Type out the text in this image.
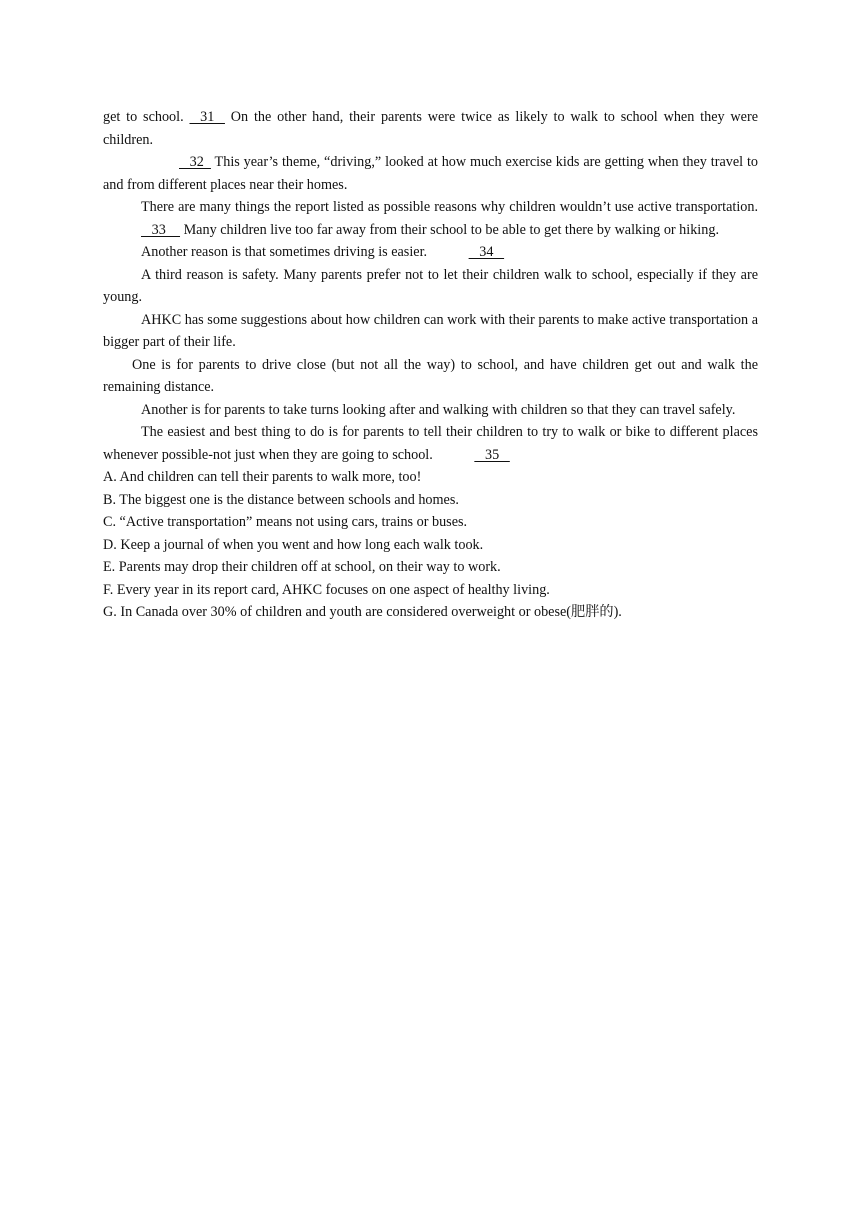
get to school.    31    On the other hand, their parents were twice as likely to walk to school when they were children.

32   This year’s theme, “driving,” looked at how much exercise kids are getting when they travel to and from different places near their homes.

There are many things the report listed as possible reasons why children wouldn’t use active transportation.    33     Many children live too far away from their school to be able to get there by walking or hiking.

Another reason is that sometimes driving is easier.	34

A third reason is safety. Many parents prefer not to let their children walk to school, especially if they are young.

AHKC has some suggestions about how children can work with their parents to make active transportation a bigger part of their life.

One is for parents to drive close (but not all the way) to school, and have children get out and walk the remaining distance.

Another is for parents to take turns looking after and walking with children so that they can travel safely.

The easiest and best thing to do is for parents to tell their children to try to walk or bike to different places whenever possible-not just when they are going to school.	35

A. And children can tell their parents to walk more, too!
B. The biggest one is the distance between schools and homes.
C. “Active transportation” means not using cars, trains or buses.
D. Keep a journal of when you went and how long each walk took.
E. Parents may drop their children off at school, on their way to work.
F. Every year in its report card, AHKC focuses on one aspect of healthy living.
G. In Canada over 30% of children and youth are considered overweight or obese(肥胖的).
